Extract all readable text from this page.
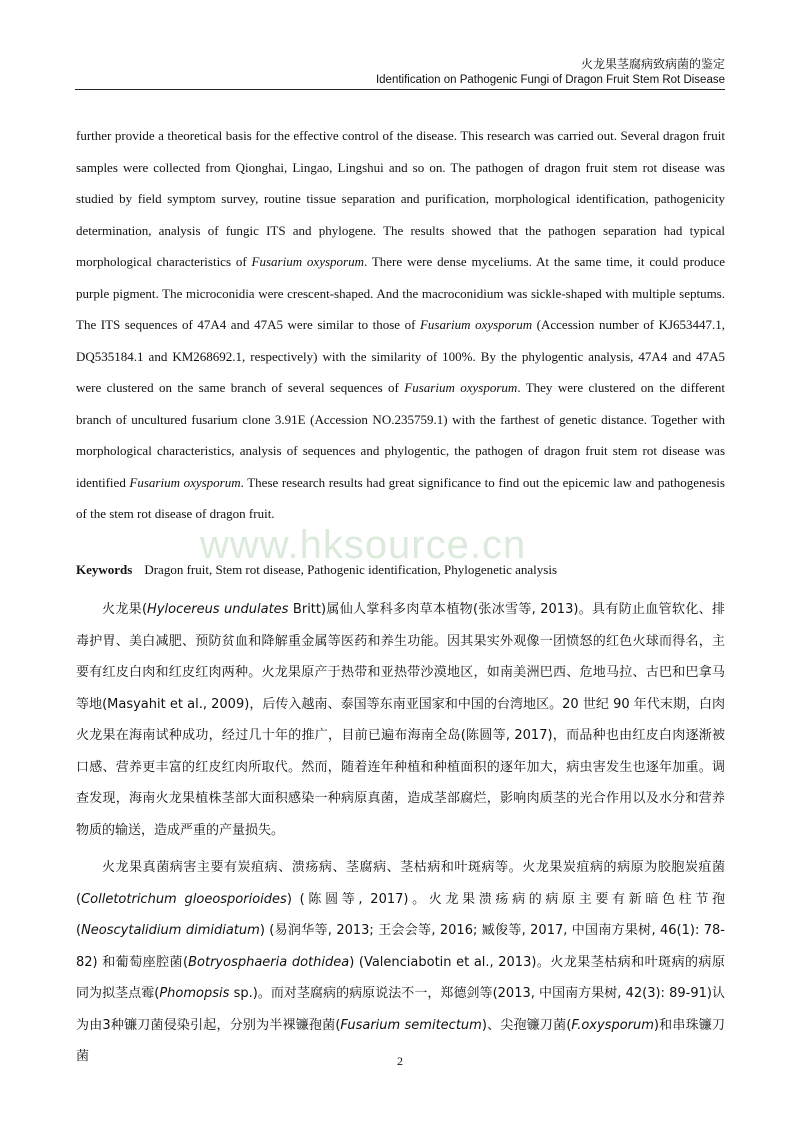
火龙果茎腐病致病菌的鉴定
Identification on Pathogenic Fungi of Dragon Fruit Stem Rot Disease
www.hksource.cn

further provide a theoretical basis for the effective control of the disease. This research was carried out. Several dragon fruit samples were collected from Qionghai, Lingao, Lingshui and so on. The pathogen of dragon fruit stem rot disease was studied by field symptom survey, routine tissue separation and purification, morphological identification, pathogenicity determination, analysis of fungic ITS and phylogene. The results showed that the pathogen separation had typical morphological characteristics of Fusarium oxysporum. There were dense myceliums. At the same time, it could produce purple pigment. The microconidia were crescent-shaped. And the macroconidium was sickle-shaped with multiple septums. The ITS sequences of 47A4 and 47A5 were similar to those of Fusarium oxysporum (Accession number of KJ653447.1, DQ535184.1 and KM268692.1, respectively) with the similarity of 100%. By the phylogentic analysis, 47A4 and 47A5 were clustered on the same branch of several sequences of Fusarium oxysporum. They were clustered on the different branch of uncultured fusarium clone 3.91E (Accession NO.235759.1) with the farthest of genetic distance. Together with morphological characteristics, analysis of sequences and phylogentic, the pathogen of dragon fruit stem rot disease was identified Fusarium oxysporum. These research results had great significance to find out the epicemic law and pathogenesis of the stem rot disease of dragon fruit.

Keywords Dragon fruit, Stem rot disease, Pathogenic identification, Phylogenetic analysis

火龙果(Hylocereus undulates Britt)属仙人掌科多肉草本植物(张冰雪等, 2013)。具有防止血管软化、排毒护胃、美白减肥、预防贫血和降解重金属等医药和养生功能。因其果实外观像一团愤怒的红色火球而得名，主要有红皮白肉和红皮红肉两种。火龙果原产于热带和亚热带沙漠地区，如南美洲巴西、危地马拉、古巴和巴拿马等地(Masyahit et al., 2009)，后传入越南、泰国等东南亚国家和中国的台湾地区。20 世纪 90 年代末期，白肉火龙果在海南试种成功，经过几十年的推广，目前已遍布海南全岛(陈圆等, 2017)，而品种也由红皮白肉逐渐被口感、营养更丰富的红皮红肉所取代。然而，随着连年种植和种植面积的逐年加大，病虫害发生也逐年加重。调查发现，海南火龙果植株茎部大面积感染一种病原真菌，造成茎部腐烂，影响肉质茎的光合作用以及水分和营养物质的输送，造成严重的产量损失。

火龙果真菌病害主要有炭疽病、溃疡病、茎腐病、茎枯病和叶斑病等。火龙果炭疽病的病原为胶胞炭疽菌 (Colletotrichum gloeosporioides) (陈圆等, 2017)。火龙果溃疡病的病原主要有新暗色柱节孢 (Neoscytalidium dimidiatum) (易润华等, 2013; 王会会等, 2016; 臧俊等, 2017, 中国南方果树, 46(1): 78-82) 和葡萄座腔菌(Botryosphaeria dothidea) (Valenciabotin et al., 2013)。火龙果茎枯病和叶斑病的病原同为拟茎点霉(Phomopsis sp.)。而对茎腐病的病原说法不一，郑德剑等(2013, 中国南方果树, 42(3): 89-91)认为由3种镰刀菌侵染引起，分别为半裸镰孢菌(Fusarium semitectum)、尖孢镰刀菌(F.oxysporum)和串珠镰刀菌	2
